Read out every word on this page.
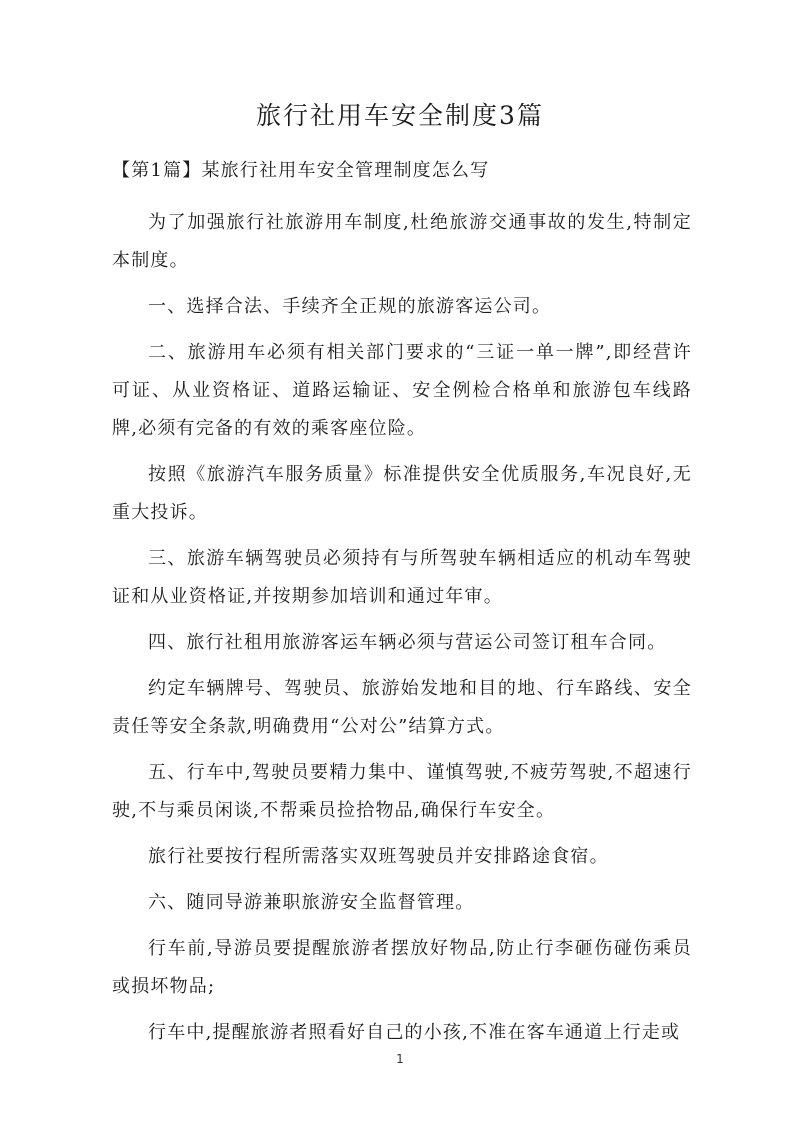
旅行社用车安全制度3篇

【第1篇】某旅行社用车安全管理制度怎么写

为了加强旅行社旅游用车制度,杜绝旅游交通事故的发生,特制定本制度。

一、选择合法、手续齐全正规的旅游客运公司。

二、旅游用车必须有相关部门要求的“三证一单一牌”,即经营许可证、从业资格证、道路运输证、安全例检合格单和旅游包车线路牌,必须有完备的有效的乘客座位险。

按照《旅游汽车服务质量》标准提供安全优质服务,车况良好,无重大投诉。

三、旅游车辆驾驶员必须持有与所驾驶车辆相适应的机动车驾驶证和从业资格证,并按期参加培训和通过年审。

四、旅行社租用旅游客运车辆必须与营运公司签订租车合同。

约定车辆牌号、驾驶员、旅游始发地和目的地、行车路线、安全责任等安全条款,明确费用“公对公”结算方式。

五、行车中,驾驶员要精力集中、谨慎驾驶,不疲劳驾驶,不超速行驶,不与乘员闲谈,不帮乘员捡拾物品,确保行车安全。

旅行社要按行程所需落实双班驾驶员并安排路途食宿。

六、随同导游兼职旅游安全监督管理。

行车前,导游员要提醒旅游者摆放好物品,防止行李砸伤碰伤乘员或损坏物品;

行车中,提醒旅游者照看好自己的小孩,不准在客车通道上行走或

1
